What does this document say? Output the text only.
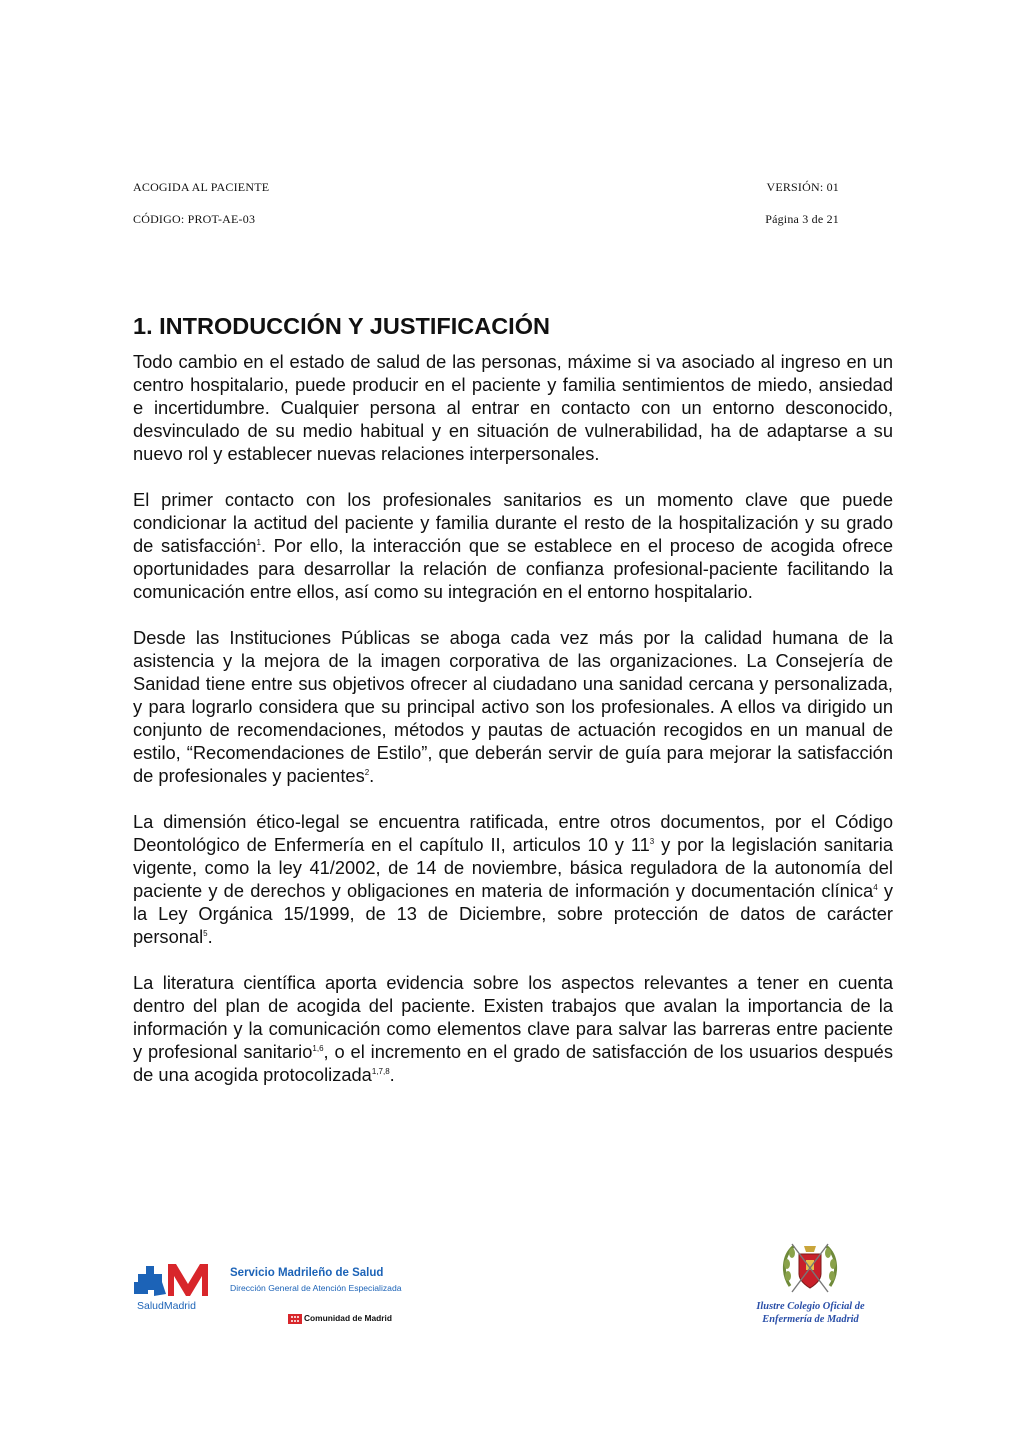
ACOGIDA AL PACIENTE	VERSIÓN: 01
CÓDIGO: PROT-AE-03	Página 3 de 21
1. INTRODUCCIÓN Y JUSTIFICACIÓN

Todo cambio en el estado de salud de las personas, máxime si va asociado al ingreso en un centro hospitalario, puede producir en el paciente y familia sentimientos de miedo, ansiedad e incertidumbre. Cualquier persona al entrar en contacto con un entorno desconocido, desvinculado de su medio habitual y en situación de vulnerabilidad, ha de adaptarse a su nuevo rol y establecer nuevas relaciones interpersonales.

El primer contacto con los profesionales sanitarios es un momento clave que puede condicionar la actitud del paciente y familia durante el resto de la hospitalización y su grado de satisfacción$^1$. Por ello, la interacción que se establece en el proceso de acogida ofrece oportunidades para desarrollar la relación de confianza profesional-paciente facilitando la comunicación entre ellos, así como su integración en el entorno hospitalario.

Desde las Instituciones Públicas se aboga cada vez más por la calidad humana de la asistencia y la mejora de la imagen corporativa de las organizaciones. La Consejería de Sanidad tiene entre sus objetivos ofrecer al ciudadano una sanidad cercana y personalizada, y para lograrlo considera que su principal activo son los profesionales. A ellos va dirigido un conjunto de recomendaciones, métodos y pautas de actuación recogidos en un manual de estilo, “Recomendaciones de Estilo”, que deberán servir de guía para mejorar la satisfacción de profesionales y pacientes$^2$.

La dimensión ético-legal se encuentra ratificada, entre otros documentos, por el Código Deontológico de Enfermería en el capítulo II, articulos 10 y $11^3$ y por la legislación sanitaria vigente, como la ley 41/2002, de 14 de noviembre, básica reguladora de la autonomía del paciente y de derechos y obligaciones en materia de información y documentación clínica$^4$ y la Ley Orgánica 15/1999, de 13 de Diciembre, sobre protección de datos de carácter personal$^5$.

La literatura científica aporta evidencia sobre los aspectos relevantes a tener en cuenta dentro del plan de acogida del paciente. Existen trabajos que avalan la importancia de la información y la comunicación como elementos clave para salvar las barreras entre paciente y profesional sanitario$^{1,6}$, o el incremento en el grado de satisfacción de los usuarios después de una acogida protocolizada$^{1,7,8}$.

Servicio Madrileño de Salud
Dirección General de Atención Especializada
SaludMadrid
Comunidad de Madrid
Ilustre Colegio Oficial de
Enfermería de Madrid
